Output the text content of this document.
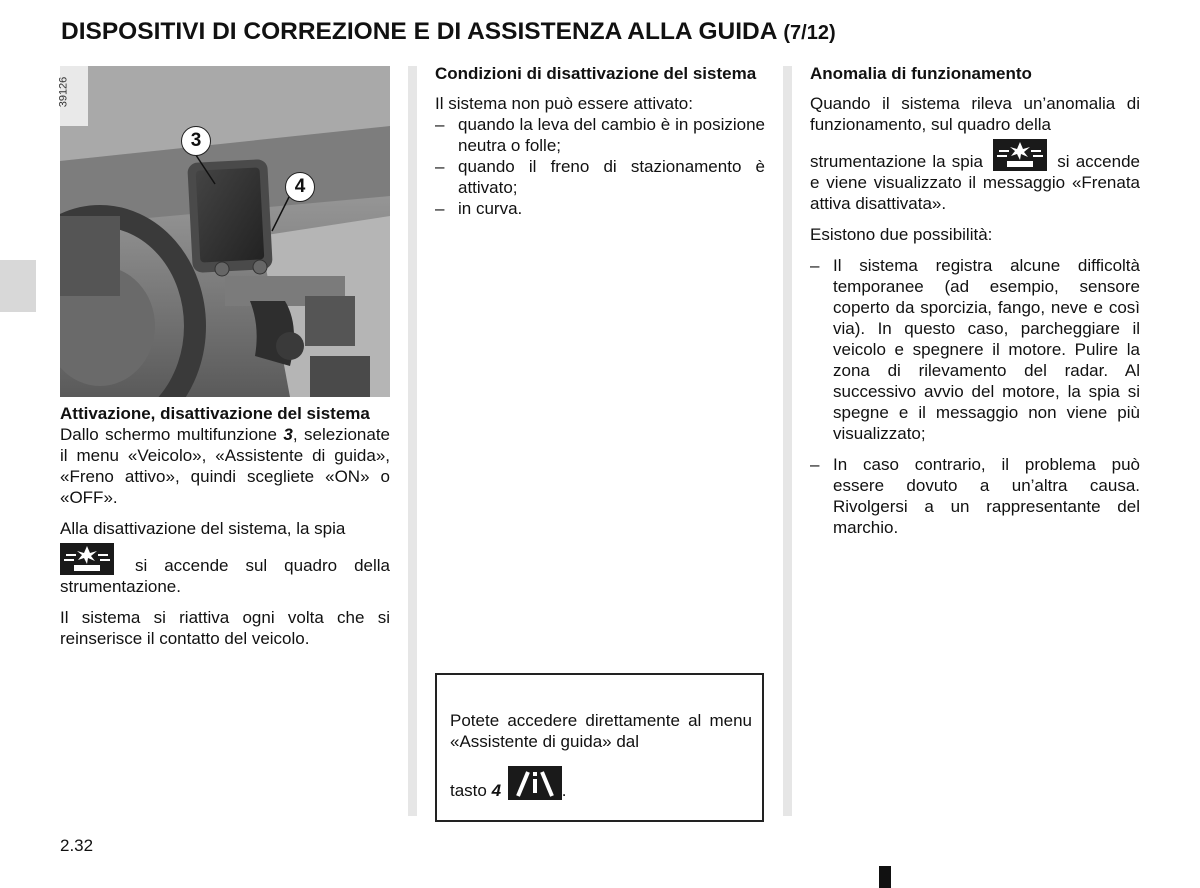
DISPOSITIVI DI CORREZIONE E DI ASSISTENZA ALLA GUIDA (7/12)
39126
3
4

Attivazione, disattivazione del sistema

Dallo schermo multifunzione 3, selezionate il menu «Veicolo», «Assistente di guida», «Freno attivo», quindi scegliete «ON» o «OFF».

Alla disattivazione del sistema, la spia

si accende sul quadro della strumentazione.

Il sistema si riattiva ogni volta che si reinserisce il contatto del veicolo.

Condizioni di disattivazione del sistema

Il sistema non può essere attivato:

– quando la leva del cambio è in posizione neutra o folle;

– quando il freno di stazionamento è attivato;

– in curva.

Potete accedere direttamente al menu «Assistente di guida» dal
tasto 4	.

Anomalia di funzionamento

Quando il sistema rileva un’anomalia di funzionamento, sul quadro della

strumentazione la spia	si accende e viene visualizzato il messaggio «Frenata attiva disattivata».

Esistono due possibilità:

– Il sistema registra alcune difficoltà temporanee (ad esempio, sensore coperto da sporcizia, fango, neve e così via). In questo caso, parcheggiare il veicolo e spegnere il motore. Pulire la zona di rilevamento del radar. Al successivo avvio del motore, la spia si spegne e il messaggio non viene più visualizzato;

– In caso contrario, il problema può essere dovuto a un’altra causa. Rivolgersi a un rappresentante del marchio.

2.32
